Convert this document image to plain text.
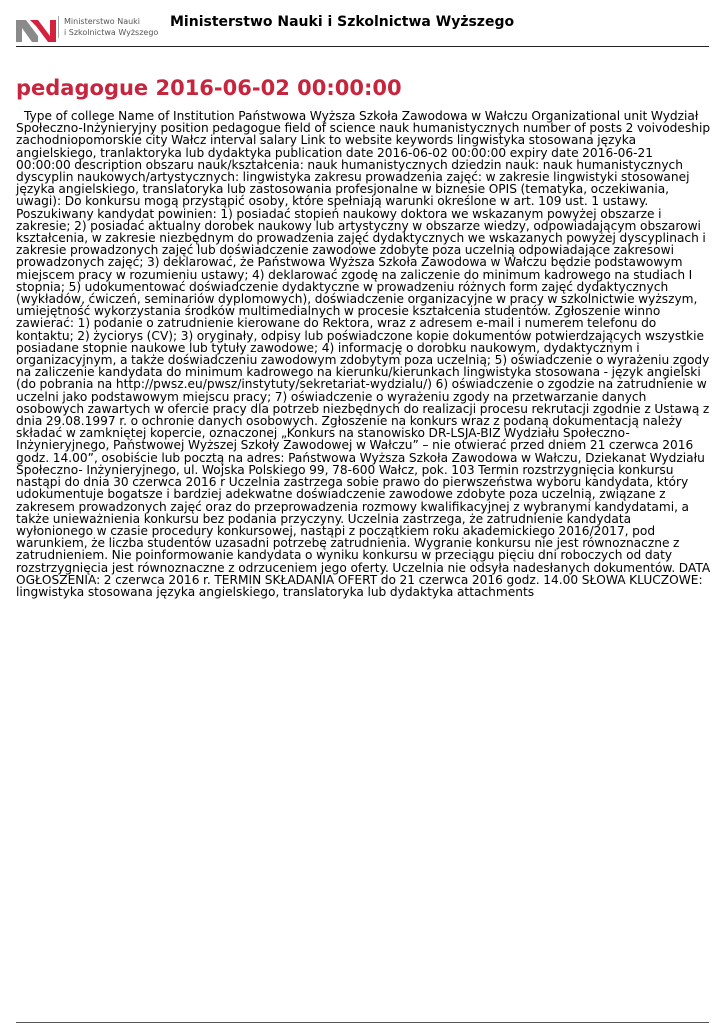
Ministerstwo Nauki
i Szkolnictwa Wyższego
Ministerstwo Nauki i Szkolnictwa Wyższego
pedagogue 2016-06-02 00:00:00

Type of college Name of Institution Państwowa Wyższa Szkoła Zawodowa w Wałczu Organizational unit Wydział Społeczno-Inżynieryjny position pedagogue field of science nauk humanistycznych number of posts 2 voivodeship zachodniopomorskie city Wałcz interval salary Link to website keywords lingwistyka stosowana języka angielskiego, tranlaktoryka lub dydaktyka publication date 2016-06-02 00:00:00 expiry date 2016-06-21 00:00:00 description obszaru nauk/kształcenia: nauk humanistycznych dziedzin nauk: nauk humanistycznych dyscyplin naukowych/artystycznych: lingwistyka zakresu prowadzenia zajęć: w zakresie lingwistyki stosowanej języka angielskiego, translatoryka lub zastosowania profesjonalne w biznesie OPIS (tematyka, oczekiwania, uwagi): Do konkursu mogą przystąpić osoby, które spełniają warunki określone w art. 109 ust. 1 ustawy. Poszukiwany kandydat powinien: 1) posiadać stopień naukowy doktora we wskazanym powyżej obszarze i zakresie; 2) posiadać aktualny dorobek naukowy lub artystyczny w obszarze wiedzy, odpowiadającym obszarowi kształcenia, w zakresie niezbędnym do prowadzenia zajęć dydaktycznych we wskazanych powyżej dyscyplinach i zakresie prowadzonych zajęć lub doświadczenie zawodowe zdobyte poza uczelnią odpowiadające zakresowi prowadzonych zajęć; 3) deklarować, że Państwowa Wyższa Szkoła Zawodowa w Wałczu będzie podstawowym miejscem pracy w rozumieniu ustawy; 4) deklarować zgodę na zaliczenie do minimum kadrowego na studiach I stopnia; 5) udokumentować doświadczenie dydaktyczne w prowadzeniu różnych form zajęć dydaktycznych (wykładów, ćwiczeń, seminariów dyplomowych), doświadczenie organizacyjne w pracy w szkolnictwie wyższym, umiejętność wykorzystania środków multimedialnych w procesie kształcenia studentów. Zgłoszenie winno zawierać: 1) podanie o zatrudnienie kierowane do Rektora, wraz z adresem e-mail i numerem telefonu do kontaktu; 2) życiorys (CV); 3) oryginały, odpisy lub poświadczone kopie dokumentów potwierdzających wszystkie posiadane stopnie naukowe lub tytuły zawodowe; 4) informację o dorobku naukowym, dydaktycznym i organizacyjnym, a także doświadczeniu zawodowym zdobytym poza uczelnią; 5) oświadczenie o wyrażeniu zgody na zaliczenie kandydata do minimum kadrowego na kierunku/kierunkach lingwistyka stosowana - język angielski (do pobrania na http://pwsz.eu/pwsz/instytuty/sekretariat-wydzialu/) 6) oświadczenie o zgodzie na zatrudnienie w uczelni jako podstawowym miejscu pracy; 7) oświadczenie o wyrażeniu zgody na przetwarzanie danych osobowych zawartych w ofercie pracy dla potrzeb niezbędnych do realizacji procesu rekrutacji zgodnie z Ustawą z dnia 29.08.1997 r. o ochronie danych osobowych. Zgłoszenie na konkurs wraz z podaną dokumentacją należy składać w zamkniętej kopercie, oznaczonej „Konkurs na stanowisko DR-LSJA-BIZ Wydziału Społeczno-Inżynieryjnego, Państwowej Wyższej Szkoły Zawodowej w Wałczu” – nie otwierać przed dniem 21 czerwca 2016 godz. 14.00”, osobiście lub pocztą na adres: Państwowa Wyższa Szkoła Zawodowa w Wałczu, Dziekanat Wydziału Społeczno- Inżynieryjnego, ul. Wojska Polskiego 99, 78-600 Wałcz, pok. 103 Termin rozstrzygnięcia konkursu nastąpi do dnia 30 czerwca 2016 r Uczelnia zastrzega sobie prawo do pierwszeństwa wyboru kandydata, który udokumentuje bogatsze i bardziej adekwatne doświadczenie zawodowe zdobyte poza uczelnią, związane z zakresem prowadzonych zajęć oraz do przeprowadzenia rozmowy kwalifikacyjnej z wybranymi kandydatami, a także unieważnienia konkursu bez podania przyczyny. Uczelnia zastrzega, że zatrudnienie kandydata wyłonionego w czasie procedury konkursowej, nastąpi z początkiem roku akademickiego 2016/2017, pod warunkiem, że liczba studentów uzasadni potrzebę zatrudnienia. Wygranie konkursu nie jest równoznaczne z zatrudnieniem. Nie poinformowanie kandydata o wyniku konkursu w przeciągu pięciu dni roboczych od daty rozstrzygnięcia jest równoznaczne z odrzuceniem jego oferty. Uczelnia nie odsyła nadesłanych dokumentów. DATA OGŁOSZENIA: 2 czerwca 2016 r. TERMIN SKŁADANIA OFERT do 21 czerwca 2016 godz. 14.00 SŁOWA KLUCZOWE: lingwistyka stosowana języka angielskiego, translatoryka lub dydaktyka attachments
